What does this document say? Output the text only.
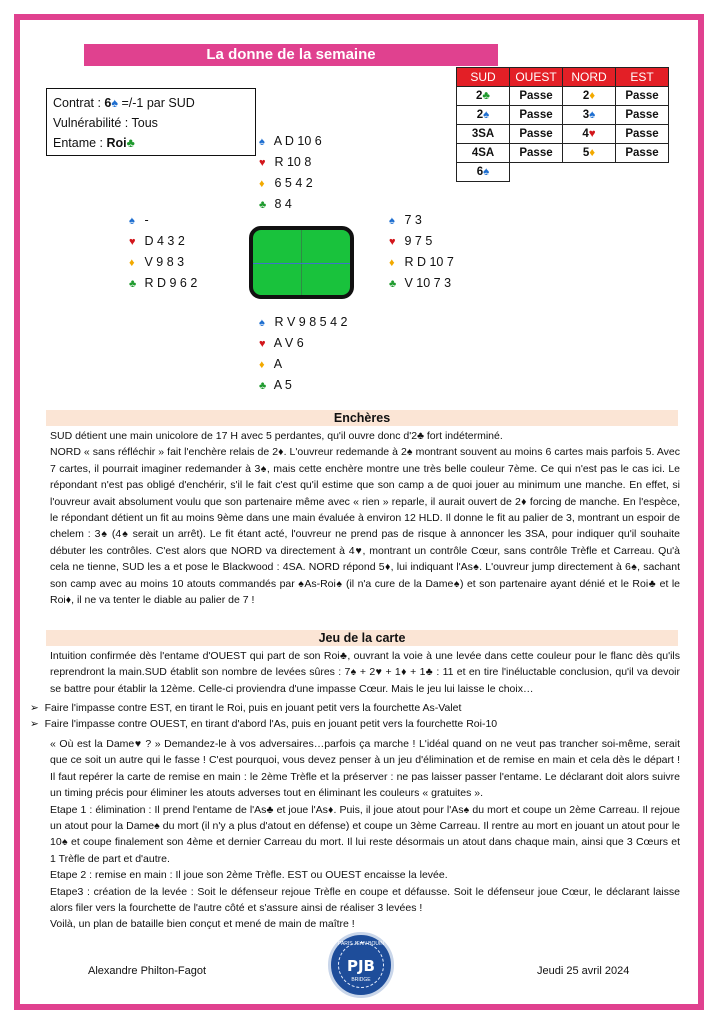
La donne de la semaine
Contrat : 6♠ =/-1 par SUD
Vulnérabilité : Tous
Entame : Roi♣
SUD	OUEST	NORD	EST
2♣	Passe	2♦	Passe
2♠	Passe	3♠	Passe
3SA	Passe	4♥	Passe
4SA	Passe	5♦	Passe
6♠			
♠ A D 10 6
♥ R 10 8
♦ 6 5 4 2
♣ 8 4
♠ -
♥ D 4 3 2
♦ V 9 8 3
♣ R D 9 6 2
♠ 7 3
♥ 9 7 5
♦ R D 10 7
♣ V 10 7 3
♠ R V 9 8 5 4 2
♥ A V 6
♦ A
♣ A 5
Enchères

SUD détient une main unicolore de 17 H avec 5 perdantes, qu'il ouvre donc d'2♣ fort indéterminé.

NORD « sans réfléchir » fait l'enchère relais de 2♦. L'ouvreur redemande à 2♠ montrant souvent au moins 6 cartes mais parfois 5. Avec 7 cartes, il pourrait imaginer redemander à 3♠, mais cette enchère montre une très belle couleur 7ème. Ce qui n'est pas le cas ici. Le répondant n'est pas obligé d'enchérir, s'il le fait c'est qu'il estime que son camp a de quoi jouer au minimum une manche. En effet, si l'ouvreur avait absolument voulu que son partenaire même avec « rien » reparle, il aurait ouvert de 2♦ forcing de manche. En l'espèce, le répondant détient un fit au moins 9ème dans une main évaluée à environ 12 HLD. Il donne le fit au palier de 3, montrant un espoir de chelem : 3♠ (4♠ serait un arrêt). Le fit étant acté, l'ouvreur ne prend pas de risque à annoncer les 3SA, pour indiquer qu'il souhaite débuter les contrôles. C'est alors que NORD va directement à 4♥, montrant un contrôle Cœur, sans contrôle Trèfle et Carreau. Qu'à cela ne tienne, SUD les a et pose le Blackwood : 4SA. NORD répond 5♦, lui indiquant l'As♠. L'ouvreur jump directement à 6♠, sachant son camp avec au moins 10 atouts commandés par ♠As-Roi♠ (il n'a cure de la Dame♠) et son partenaire ayant dénié et le Roi♣ et le Roi♦, il ne va tenter le diable au palier de 7 !

Jeu de la carte

Intuition confirmée dès l'entame d'OUEST qui part de son Roi♣, ouvrant la voie à une levée dans cette couleur pour le flanc dès qu'ils reprendront la main.SUD établit son nombre de levées sûres : 7♠ + 2♥ + 1♦ + 1♣ : 11 et en tire l'inéluctable conclusion, qu'il va devoir se battre pour établir la 12ème. Celle-ci proviendra d'une impasse Cœur. Mais le jeu lui laisse le choix…

➢  Faire l'impasse contre EST, en tirant le Roi, puis en jouant petit vers la fourchette As-Valet
➢  Faire l'impasse contre OUEST, en tirant d'abord l'As, puis en jouant petit vers la fourchette Roi-10

« Où est la Dame♥ ? » Demandez-le à vos adversaires…parfois ça marche ! L'idéal quand on ne veut pas trancher soi-même, serait que ce soit un autre qui le fasse ! C'est pourquoi, vous devez penser à un jeu d'élimination et de remise en main et cela dès le départ ! Il faut repérer la carte de remise en main : le 2ème Trèfle et la préserver : ne pas laisser passer l'entame. Le déclarant doit alors suivre un timing précis pour éliminer les atouts adverses tout en éliminant les couleurs « gratuites ».

Etape 1 : élimination : Il prend l'entame de l'As♣ et joue l'As♦. Puis, il joue atout pour l'As♠ du mort et coupe un 2ème Carreau. Il rejoue un atout pour la Dame♠ du mort (il n'y a plus d'atout en défense) et coupe un 3ème Carreau. Il rentre au mort en jouant un atout pour le 10♠ et coupe finalement son 4ème et dernier Carreau du mort. Il lui reste désormais un atout dans chaque main, ainsi que 3 Cœurs et 1 Trèfle de part et d'autre.

Etape 2 : remise en main : Il joue son 2ème Trèfle. EST ou OUEST encaisse la levée.

Etape3 : création de la levée : Soit le défenseur rejoue Trèfle en coupe et défausse. Soit le défenseur joue Cœur, le déclarant laisse alors filer vers la fourchette de l'autre côté et s'assure ainsi de réaliser 3 levées !

Voilà, un plan de bataille bien conçut et mené de main de maître !

Alexandre Philton-Fagot
PARIS JEAN BOUIN
PJB
BRIDGE
Jeudi 25 avril 2024
